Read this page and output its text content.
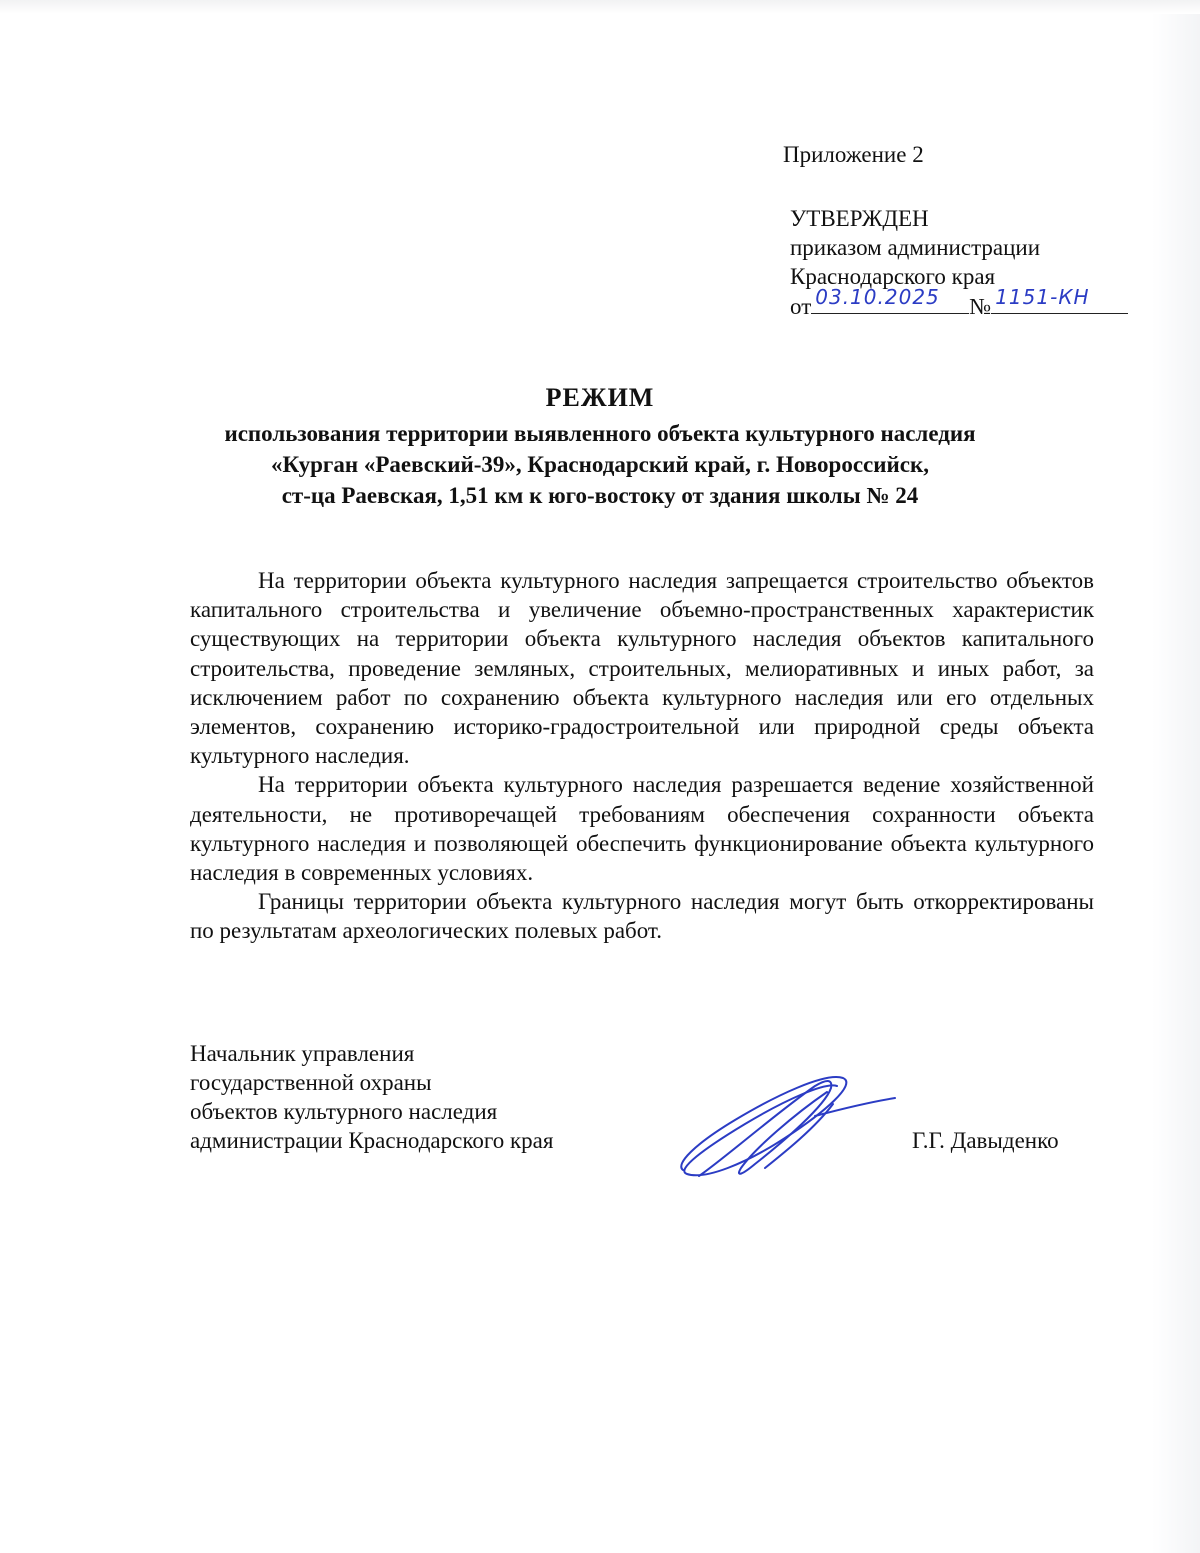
Приложение 2
УТВЕРЖДЕН
приказом администрации
Краснодарского края
от 03.10.2025 № 1151-КН
РЕЖИМ
использования территории выявленного объекта культурного наследия
«Курган «Раевский-39», Краснодарский край, г. Новороссийск,
ст-ца Раевская, 1,51 км к юго-востоку от здания школы № 24

На территории объекта культурного наследия запрещается строительство объектов капитального строительства и увеличение объемно-пространственных характеристик существующих на территории объекта культурного наследия объектов капитального строительства, проведение земляных, строительных, мелиоративных и иных работ, за исключением работ по сохранению объекта культурного наследия или его отдельных элементов, сохранению историко-градостроительной или природной среды объекта культурного наследия.

На территории объекта культурного наследия разрешается ведение хозяйственной деятельности, не противоречащей требованиям обеспечения сохранности объекта культурного наследия и позволяющей обеспечить функционирование объекта культурного наследия в современных условиях.

Границы территории объекта культурного наследия могут быть откорректированы по результатам археологических полевых работ.

Начальник управления
государственной охраны
объектов культурного наследия
администрации Краснодарского края	Г.Г. Давыденко
